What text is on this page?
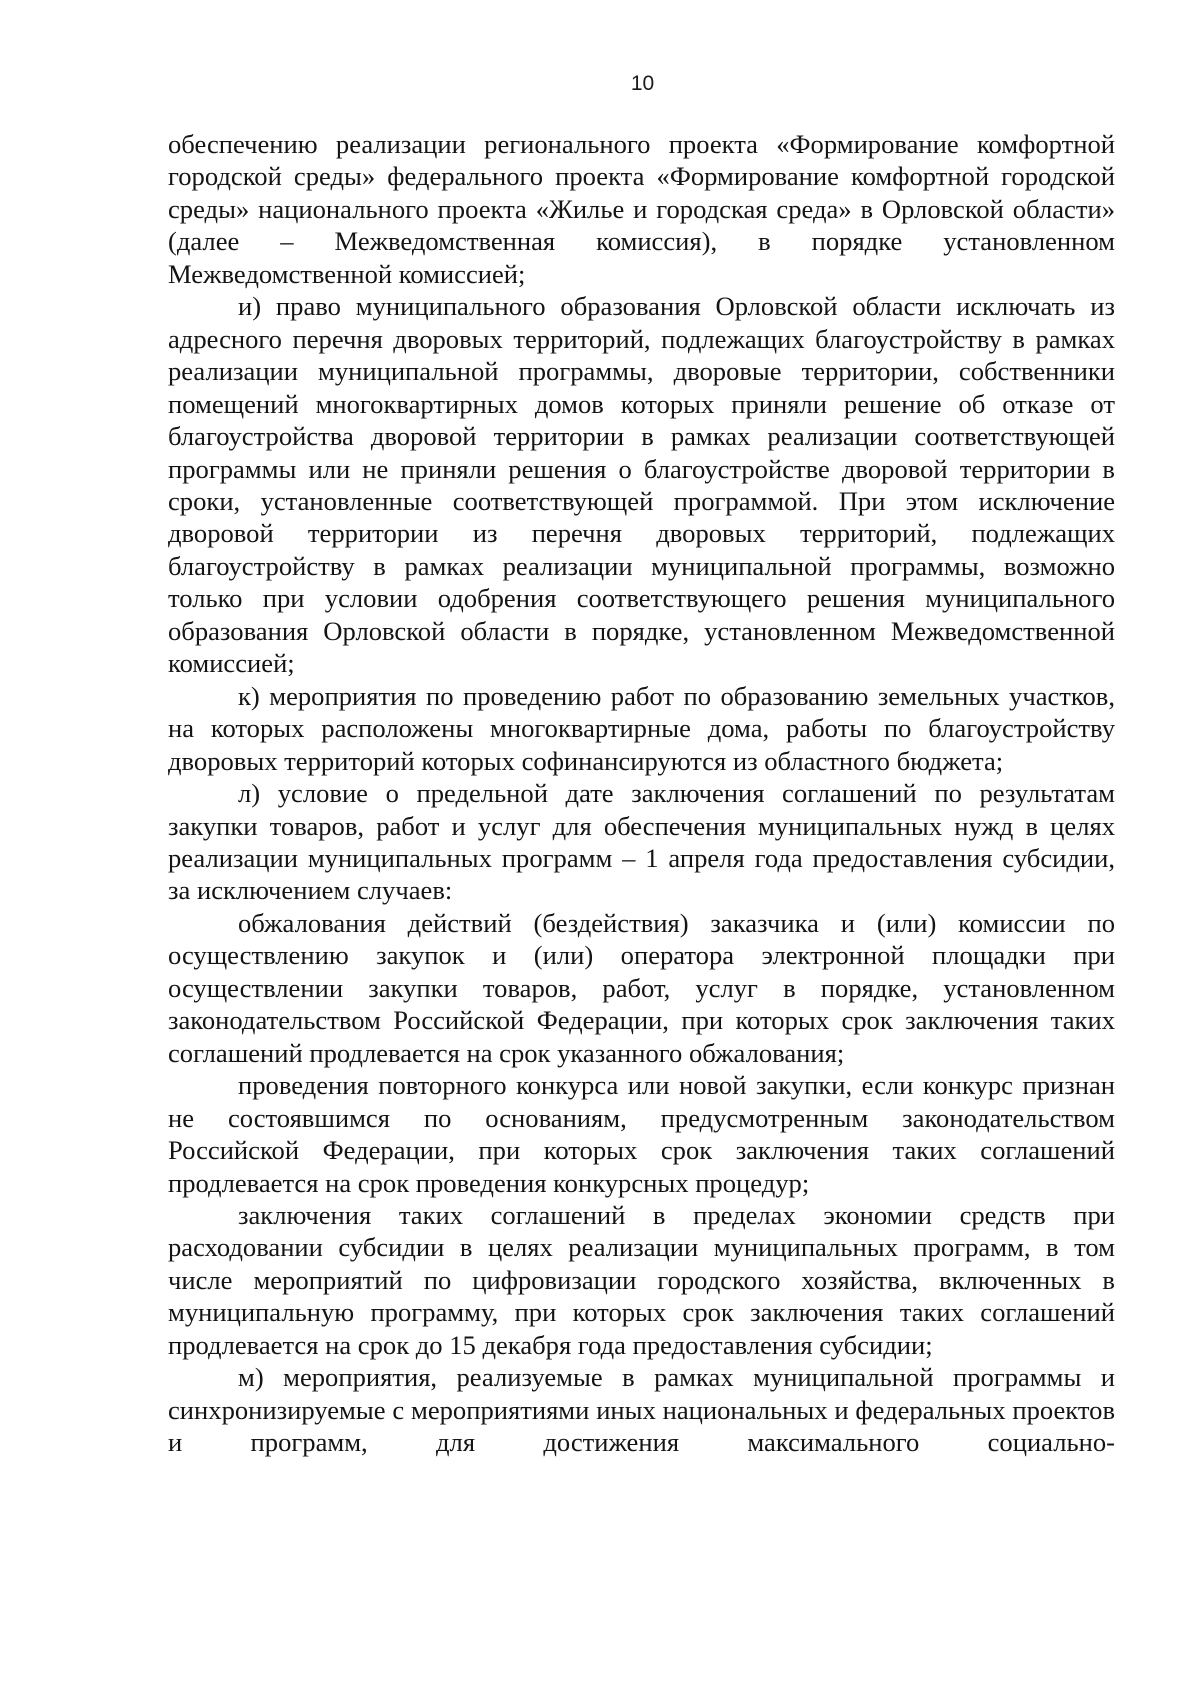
10

обеспечению реализации регионального проекта «Формирование комфортной городской среды» федерального проекта «Формирование комфортной городской среды» национального проекта «Жилье и городская среда» в Орловской области» (далее – Межведомственная комиссия), в порядке установленном Межведомственной комиссией;

и) право муниципального образования Орловской области исключать из адресного перечня дворовых территорий, подлежащих благоустройству в рамках реализации муниципальной программы, дворовые территории, собственники помещений многоквартирных домов которых приняли решение об отказе от благоустройства дворовой территории в рамках реализации соответствующей программы или не приняли решения о благоустройстве дворовой территории в сроки, установленные соответствующей программой. При этом исключение дворовой территории из перечня дворовых территорий, подлежащих благоустройству в рамках реализации муниципальной программы, возможно только при условии одобрения соответствующего решения муниципального образования Орловской области в порядке, установленном Межведомственной комиссией;

к) мероприятия по проведению работ по образованию земельных участков, на которых расположены многоквартирные дома, работы по благоустройству дворовых территорий которых софинансируются из областного бюджета;

л) условие о предельной дате заключения соглашений по результатам закупки товаров, работ и услуг для обеспечения муниципальных нужд в целях реализации муниципальных программ – 1 апреля года предоставления субсидии, за исключением случаев:

обжалования действий (бездействия) заказчика и (или) комиссии по осуществлению закупок и (или) оператора электронной площадки при осуществлении закупки товаров, работ, услуг в порядке, установленном законодательством Российской Федерации, при которых срок заключения таких соглашений продлевается на срок указанного обжалования;

проведения повторного конкурса или новой закупки, если конкурс признан не состоявшимся по основаниям, предусмотренным законодательством Российской Федерации, при которых срок заключения таких соглашений продлевается на срок проведения конкурсных процедур;

заключения таких соглашений в пределах экономии средств при расходовании субсидии в целях реализации муниципальных программ, в том числе мероприятий по цифровизации городского хозяйства, включенных в муниципальную программу, при которых срок заключения таких соглашений продлевается на срок до 15 декабря года предоставления субсидии;

м) мероприятия, реализуемые в рамках муниципальной программы и синхронизируемые с мероприятиями иных национальных и федеральных проектов и программ, для достижения максимального социально-
